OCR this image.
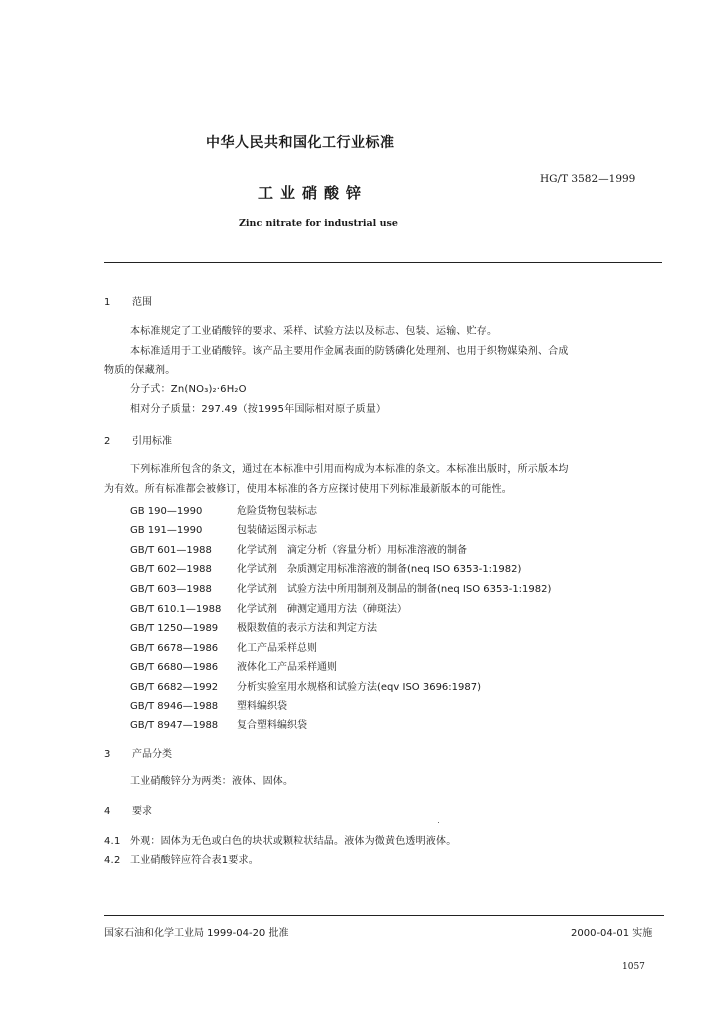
中华人民共和国化工行业标准
HG/T 3582—1999
工业硝酸锌
Zinc nitrate for industrial use
1 范围
本标准规定了工业硝酸锌的要求、采样、试验方法以及标志、包装、运输、贮存。
本标准适用于工业硝酸锌。该产品主要用作金属表面的防锈磷化处理剂、也用于织物媒染剂、合成
物质的保藏剂。
分子式：Zn(NO₃)₂·6H₂O
相对分子质量：297.49（按1995年国际相对原子质量）
2 引用标准
下列标准所包含的条文，通过在本标准中引用而构成为本标准的条文。本标准出版时，所示版本均
为有效。所有标准都会被修订，使用本标准的各方应探讨使用下列标准最新版本的可能性。
GB 190—1990	危险货物包装标志
GB 191—1990	包装储运图示标志
GB/T 601—1988	化学试剂　滴定分析（容量分析）用标准溶液的制备
GB/T 602—1988	化学试剂　杂质测定用标准溶液的制备(neq ISO 6353-1:1982)
GB/T 603—1988	化学试剂　试验方法中所用制剂及制品的制备(neq ISO 6353-1:1982)
GB/T 610.1—1988 化学试剂　砷测定通用方法（砷斑法）
GB/T 1250—1989 极限数值的表示方法和判定方法
GB/T 6678—1986 化工产品采样总则
GB/T 6680—1986 液体化工产品采样通则
GB/T 6682—1992 分析实验室用水规格和试验方法(eqv ISO 3696:1987)
GB/T 8946—1988 塑料编织袋
GB/T 8947—1988 复合塑料编织袋
3 产品分类
工业硝酸锌分为两类：液体、固体。
4 要求
4.1 外观：固体为无色或白色的块状或颗粒状结晶。液体为微黄色透明液体。
4.2 工业硝酸锌应符合表1要求。
国家石油和化学工业局 1999-04-20 批准	2000-04-01 实施
1057
